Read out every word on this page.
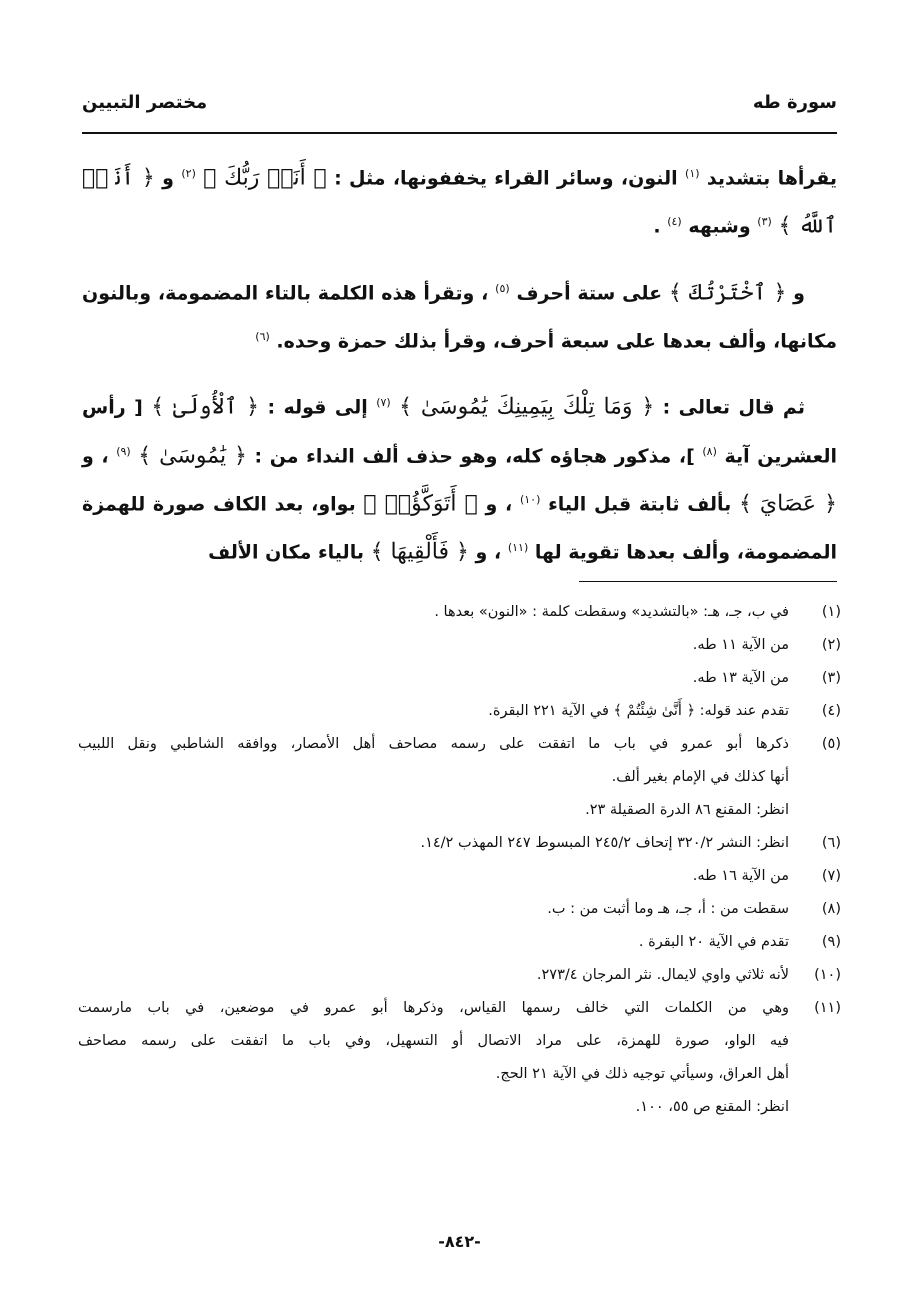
سورة طه
مختصر التبيين

يقرأها بتشديد $^{(١)}$ النون، وسائر القراء يخففونها، مثل : ﴿ أَنَا۠ رَبُّكَ ﴾ $^{(٢)}$ و ﴿ أَنَا۠ ٱللَّهُ ﴾ $^{(٣)}$ وشبهه $^{(٤)}$ .

و ﴿ ٱخْتَرْتُكَ ﴾ على ستة أحرف $^{(٥)}$ ، وتقرأ هذه الكلمة بالتاء المضمومة، وبالنون مكانها، وألف بعدها على سبعة أحرف، وقرأ بذلك حمزة وحده. $^{(٦)}$

ثم قال تعالى : ﴿ وَمَا تِلْكَ بِيَمِينِكَ يَٰمُوسَىٰ ﴾ $^{(٧)}$ إلى قوله : ﴿ ٱلْأُولَىٰ ﴾ [ رأس العشرين آية $^{(٨)}$ ]، مذكور هجاؤه كله، وهو حذف ألف النداء من : ﴿ يَٰمُوسَىٰ ﴾ $^{(٩)}$ ، و ﴿ عَصَايَ ﴾ بألف ثابتة قبل الياء $^{(١٠)}$ ، و ﴿ أَتَوَكَّؤُا۟ ﴾ بواو، بعد الكاف صورة للهمزة المضمومة، وألف بعدها تقوية لها $^{(١١)}$ ، و ﴿ فَأَلْقِيهَا ﴾ بالياء مكان الألف

(١)
في ب، جـ، هـ: «بالتشديد» وسقطت كلمة : «النون» بعدها .
(٢)
من الآية ١١ طه.
(٣)
من الآية ١٣ طه.
(٤)
تقدم عند قوله: ﴿ أَنَّىٰ شِئْتُمْ ﴾ في الآية ٢٢١ البقرة.
(٥)
ذكرها أبو عمرو في باب ما اتفقت على رسمه مصاحف أهل الأمصار، ووافقه الشاطبي ونقل اللبيب
أنها كذلك في الإمام بغير ألف.
انظر: المقنع ٨٦ الدرة الصقيلة ٢٣.
(٦)
انظر: النشر ٣٢٠/٢ إتحاف ٢٤٥/٢ المبسوط ٢٤٧ المهذب ١٤/٢.
(٧)
من الآية ١٦ طه.
(٨)
سقطت من : أ، جـ، هـ وما أثبت من : ب.
(٩)
تقدم في الآية ٢٠ البقرة .
(١٠)
لأنه ثلاثي واوي لايمال. نثر المرجان ٢٧٣/٤.
(١١)
وهي من الكلمات التي خالف رسمها القياس، وذكرها أبو عمرو في موضعين، في باب مارسمت
فيه الواو، صورة للهمزة، على مراد الاتصال أو التسهيل، وفي باب ما اتفقت على رسمه مصاحف
أهل العراق، وسيأتي توجيه ذلك في الآية ٢١ الحج.
انظر: المقنع ص ٥٥، ١٠٠.
-٨٤٢-
